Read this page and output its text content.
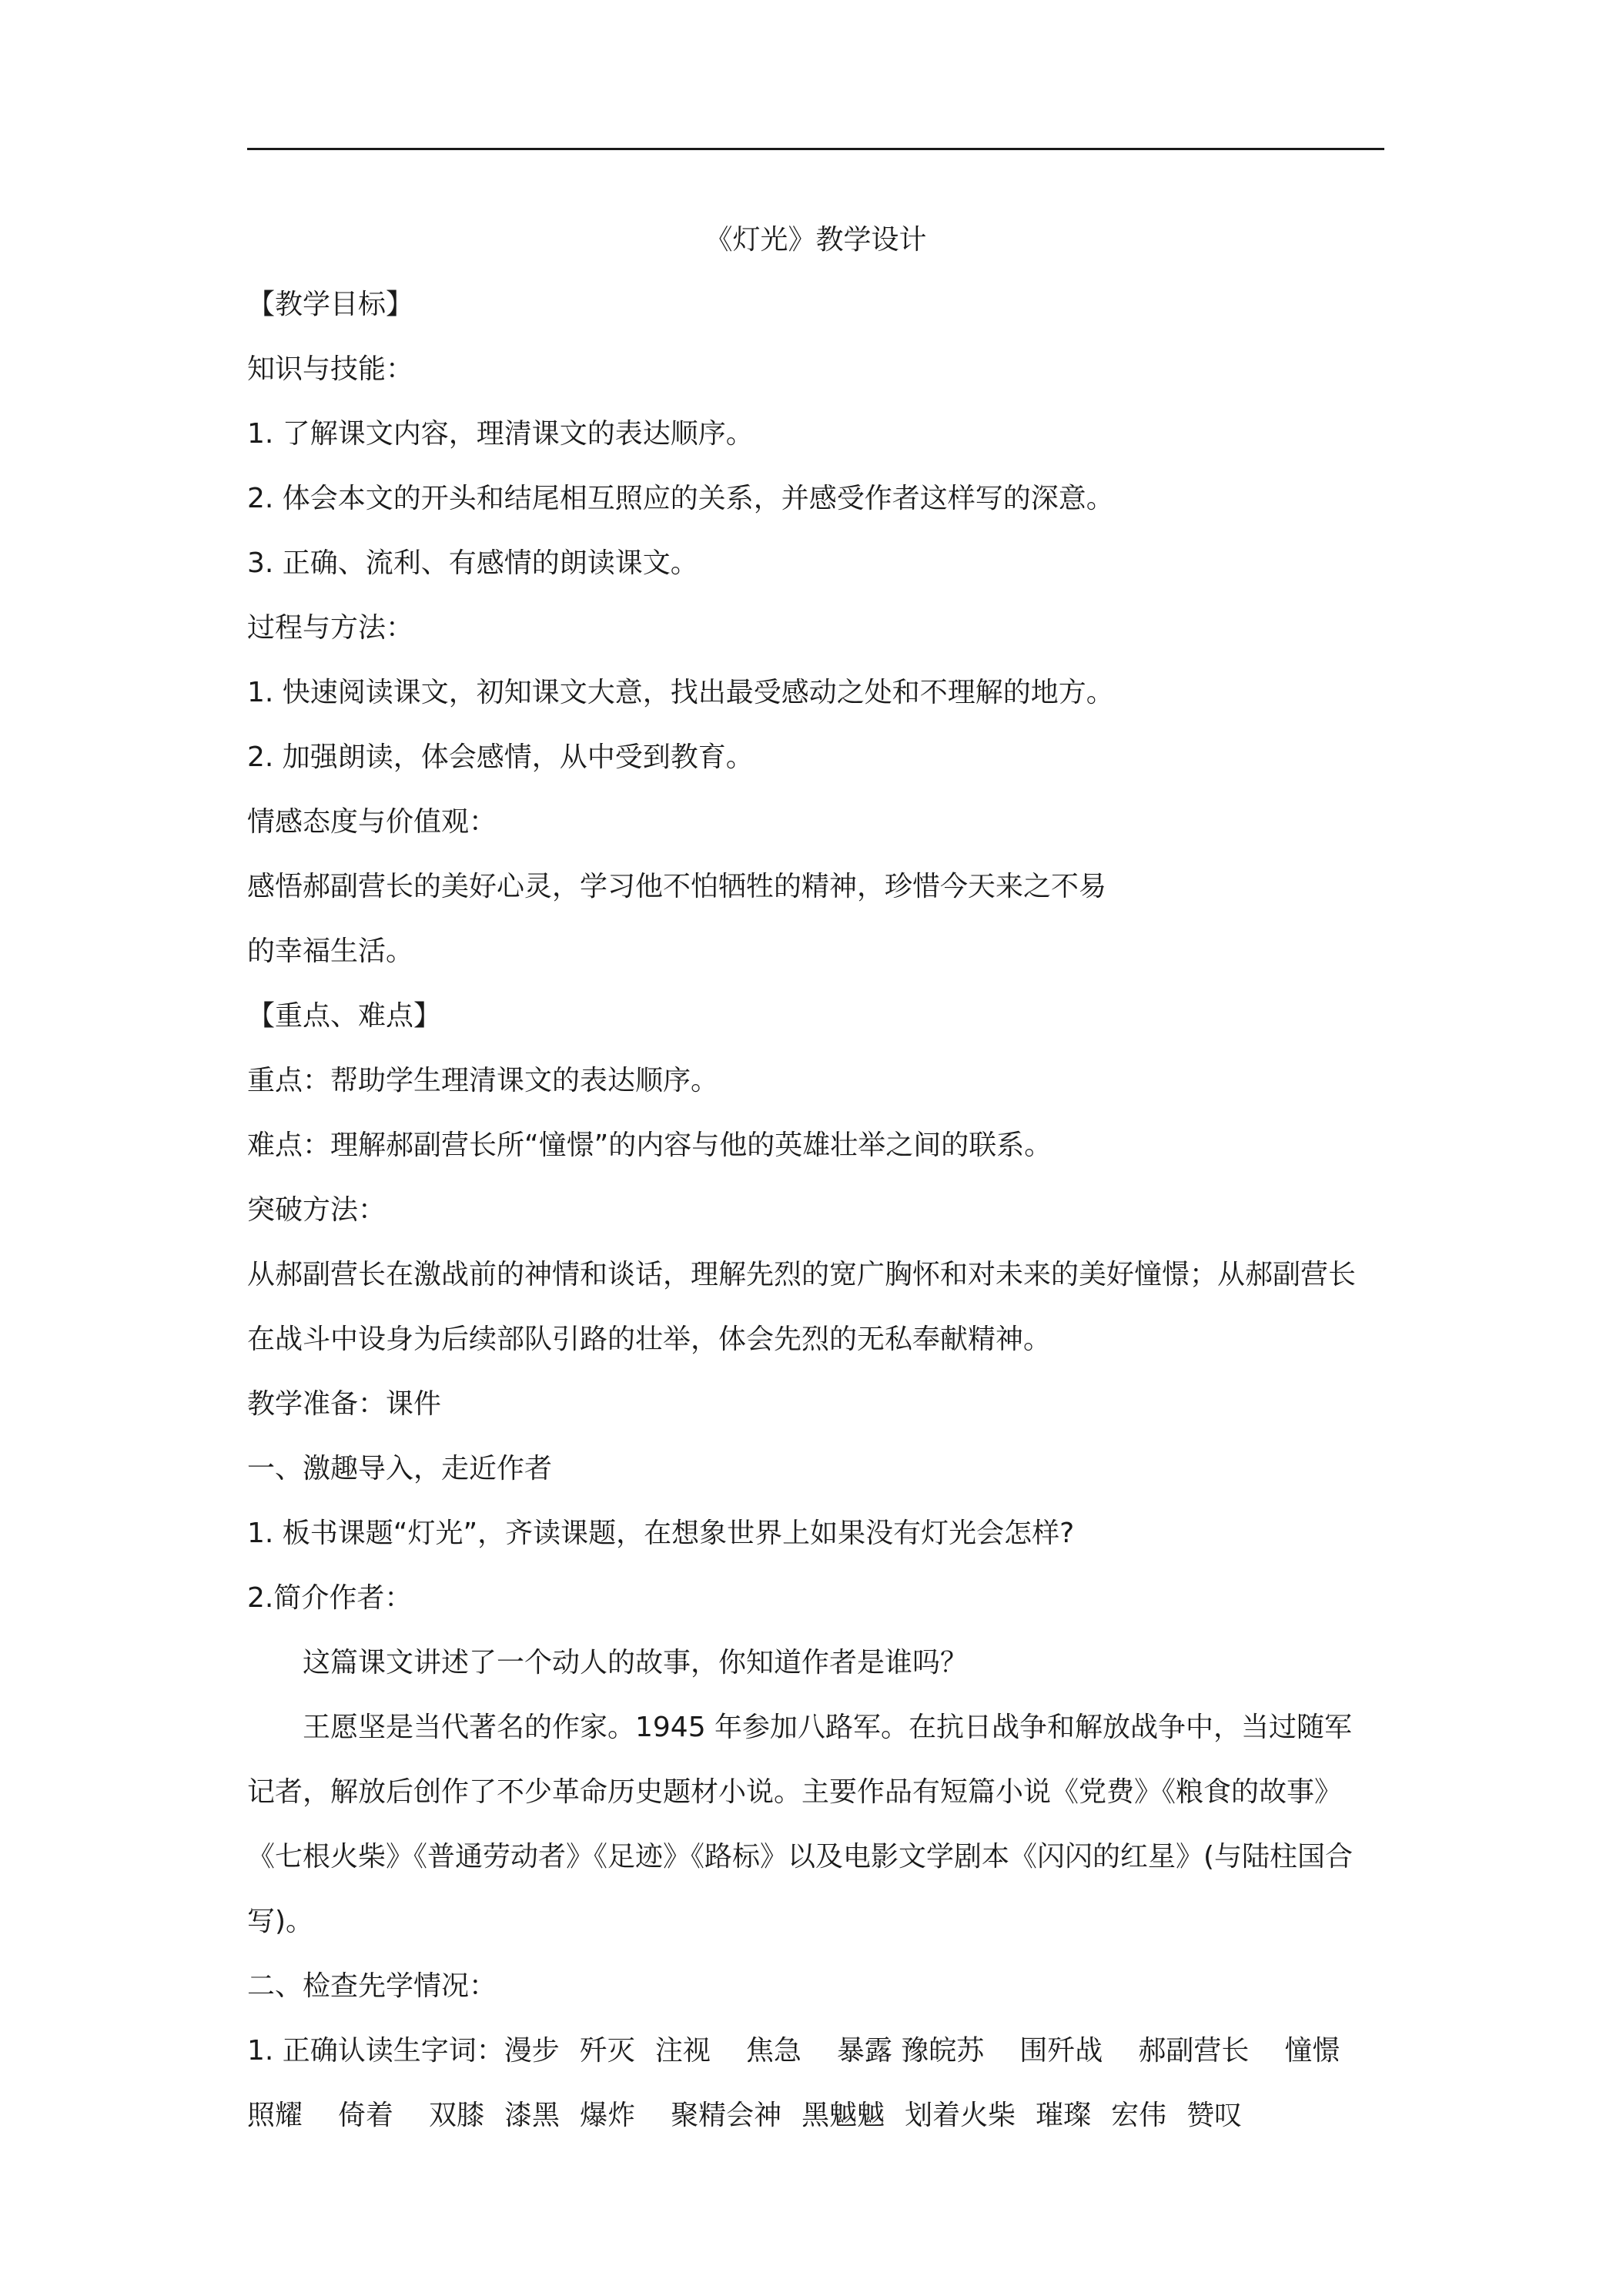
《灯光》教学设计
【教学目标】
知识与技能：
1. 了解课文内容，理清课文的表达顺序。
2. 体会本文的开头和结尾相互照应的关系，并感受作者这样写的深意。
3. 正确、流利、有感情的朗读课文。
过程与方法：
1. 快速阅读课文，初知课文大意，找出最受感动之处和不理解的地方。
2. 加强朗读，体会感情，从中受到教育。
情感态度与价值观：
感悟郝副营长的美好心灵，学习他不怕牺牲的精神，珍惜今天来之不易
的幸福生活。
【重点、难点】
重点：帮助学生理清课文的表达顺序。
难点：理解郝副营长所“憧憬”的内容与他的英雄壮举之间的联系。
突破方法：
从郝副营长在激战前的神情和谈话，理解先烈的宽广胸怀和对未来的美好憧憬；从郝副营长
在战斗中设身为后续部队引路的壮举，体会先烈的无私奉献精神。
教学准备：课件
一、激趣导入，走近作者
1. 板书课题“灯光”，齐读课题，在想象世界上如果没有灯光会怎样?
2.简介作者：
这篇课文讲述了一个动人的故事，你知道作者是谁吗？
王愿坚是当代著名的作家。1945 年参加八路军。在抗日战争和解放战争中，当过随军
记者，解放后创作了不少革命历史题材小说。主要作品有短篇小说《党费》《粮食的故事》
《七根火柴》《普通劳动者》《足迹》《路标》以及电影文学剧本《闪闪的红星》(与陆柱国合
写)。
二、检查先学情况：
1. 正确认读生字词：漫步 歼灭 注视 焦急 暴露 豫皖苏 围歼战 郝副营长 憧憬
照耀 倚着 双膝 漆黑 爆炸 聚精会神 黑魆魆 划着火柴 璀璨 宏伟 赞叹
